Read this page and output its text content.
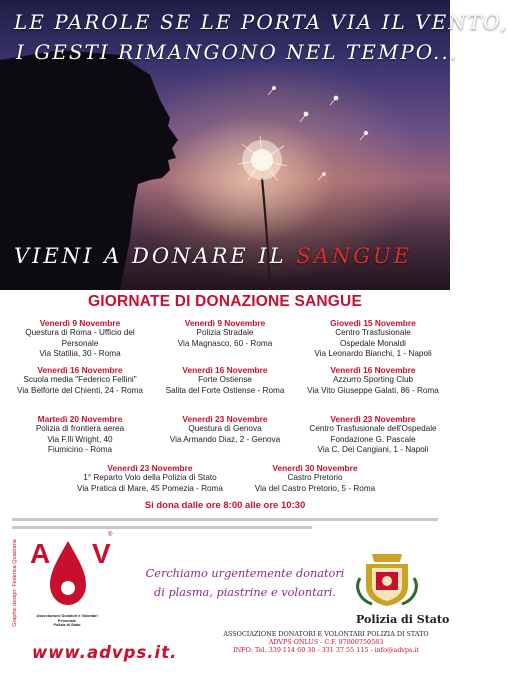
LE PAROLE SE LE PORTA VIA IL VENTO,
I GESTI RIMANGONO NEL TEMPO...
VIENI A DONARE IL SANGUE
GIORNATE DI DONAZIONE SANGUE
Venerdì 9 Novembre
Questura di Roma - Ufficio del Personale
Via Statilia, 30 - Roma
Venerdì 9 Novembre
Polizia Stradale
Via Magnasco, 60 - Roma
Giovedì 15 Novembre
Centro Trasfusionale
Ospedale Monaldi
Via Leonardo Bianchi, 1 - Napoli
Venerdì 16 Novembre
Scuola media "Federico Fellini"
Via Belforte del Chienti, 24 - Roma
Venerdì 16 Novembre
Forte Ostiense
Salita del Forte Ostiense - Roma
Venerdì 16 Novembre
Azzurro Sporting Club
Via Vito Giuseppe Galati, 86 - Roma
Martedì 20 Novembre
Polizia di frontiera aerea
Via F.lli Wright, 40
Fiumicino - Roma
Venerdì 23 Novembre
Questura di Genova
Via Armando Diaz, 2 - Genova
Venerdì 23 Novembre
Centro Trasfusionale dell'Ospedale
Fondazione G. Pascale
Via C. Dei Cangiani, 1 - Napoli
Venerdì 23 Novembre
1° Reparto Volo della Polizia di Stato
Via Pratica di Mare, 45 Pomezia - Roma
Venerdì 30 Novembre
Castro Pretorio
Via del Castro Pretorio, 5 - Roma
Si dona dalle ore 8:00 alle ore 10:30
Graphic design: Federica Quadrana A V
®
Associazione Donatori e Volontari
Personale
Polizia di Stato
Cerchiamo urgentemente donatori
di plasma, piastrine e volontari.
www.advps.it.
Polizia di Stato
ASSOCIAZIONE DONATORI E VOLONTARI POLIZIA DI STATO
ADVPS ONLUS - C.F. 97800750583
INFO: Tel. 339 114 60 30 - 331 37 55 115 - info@advps.it
